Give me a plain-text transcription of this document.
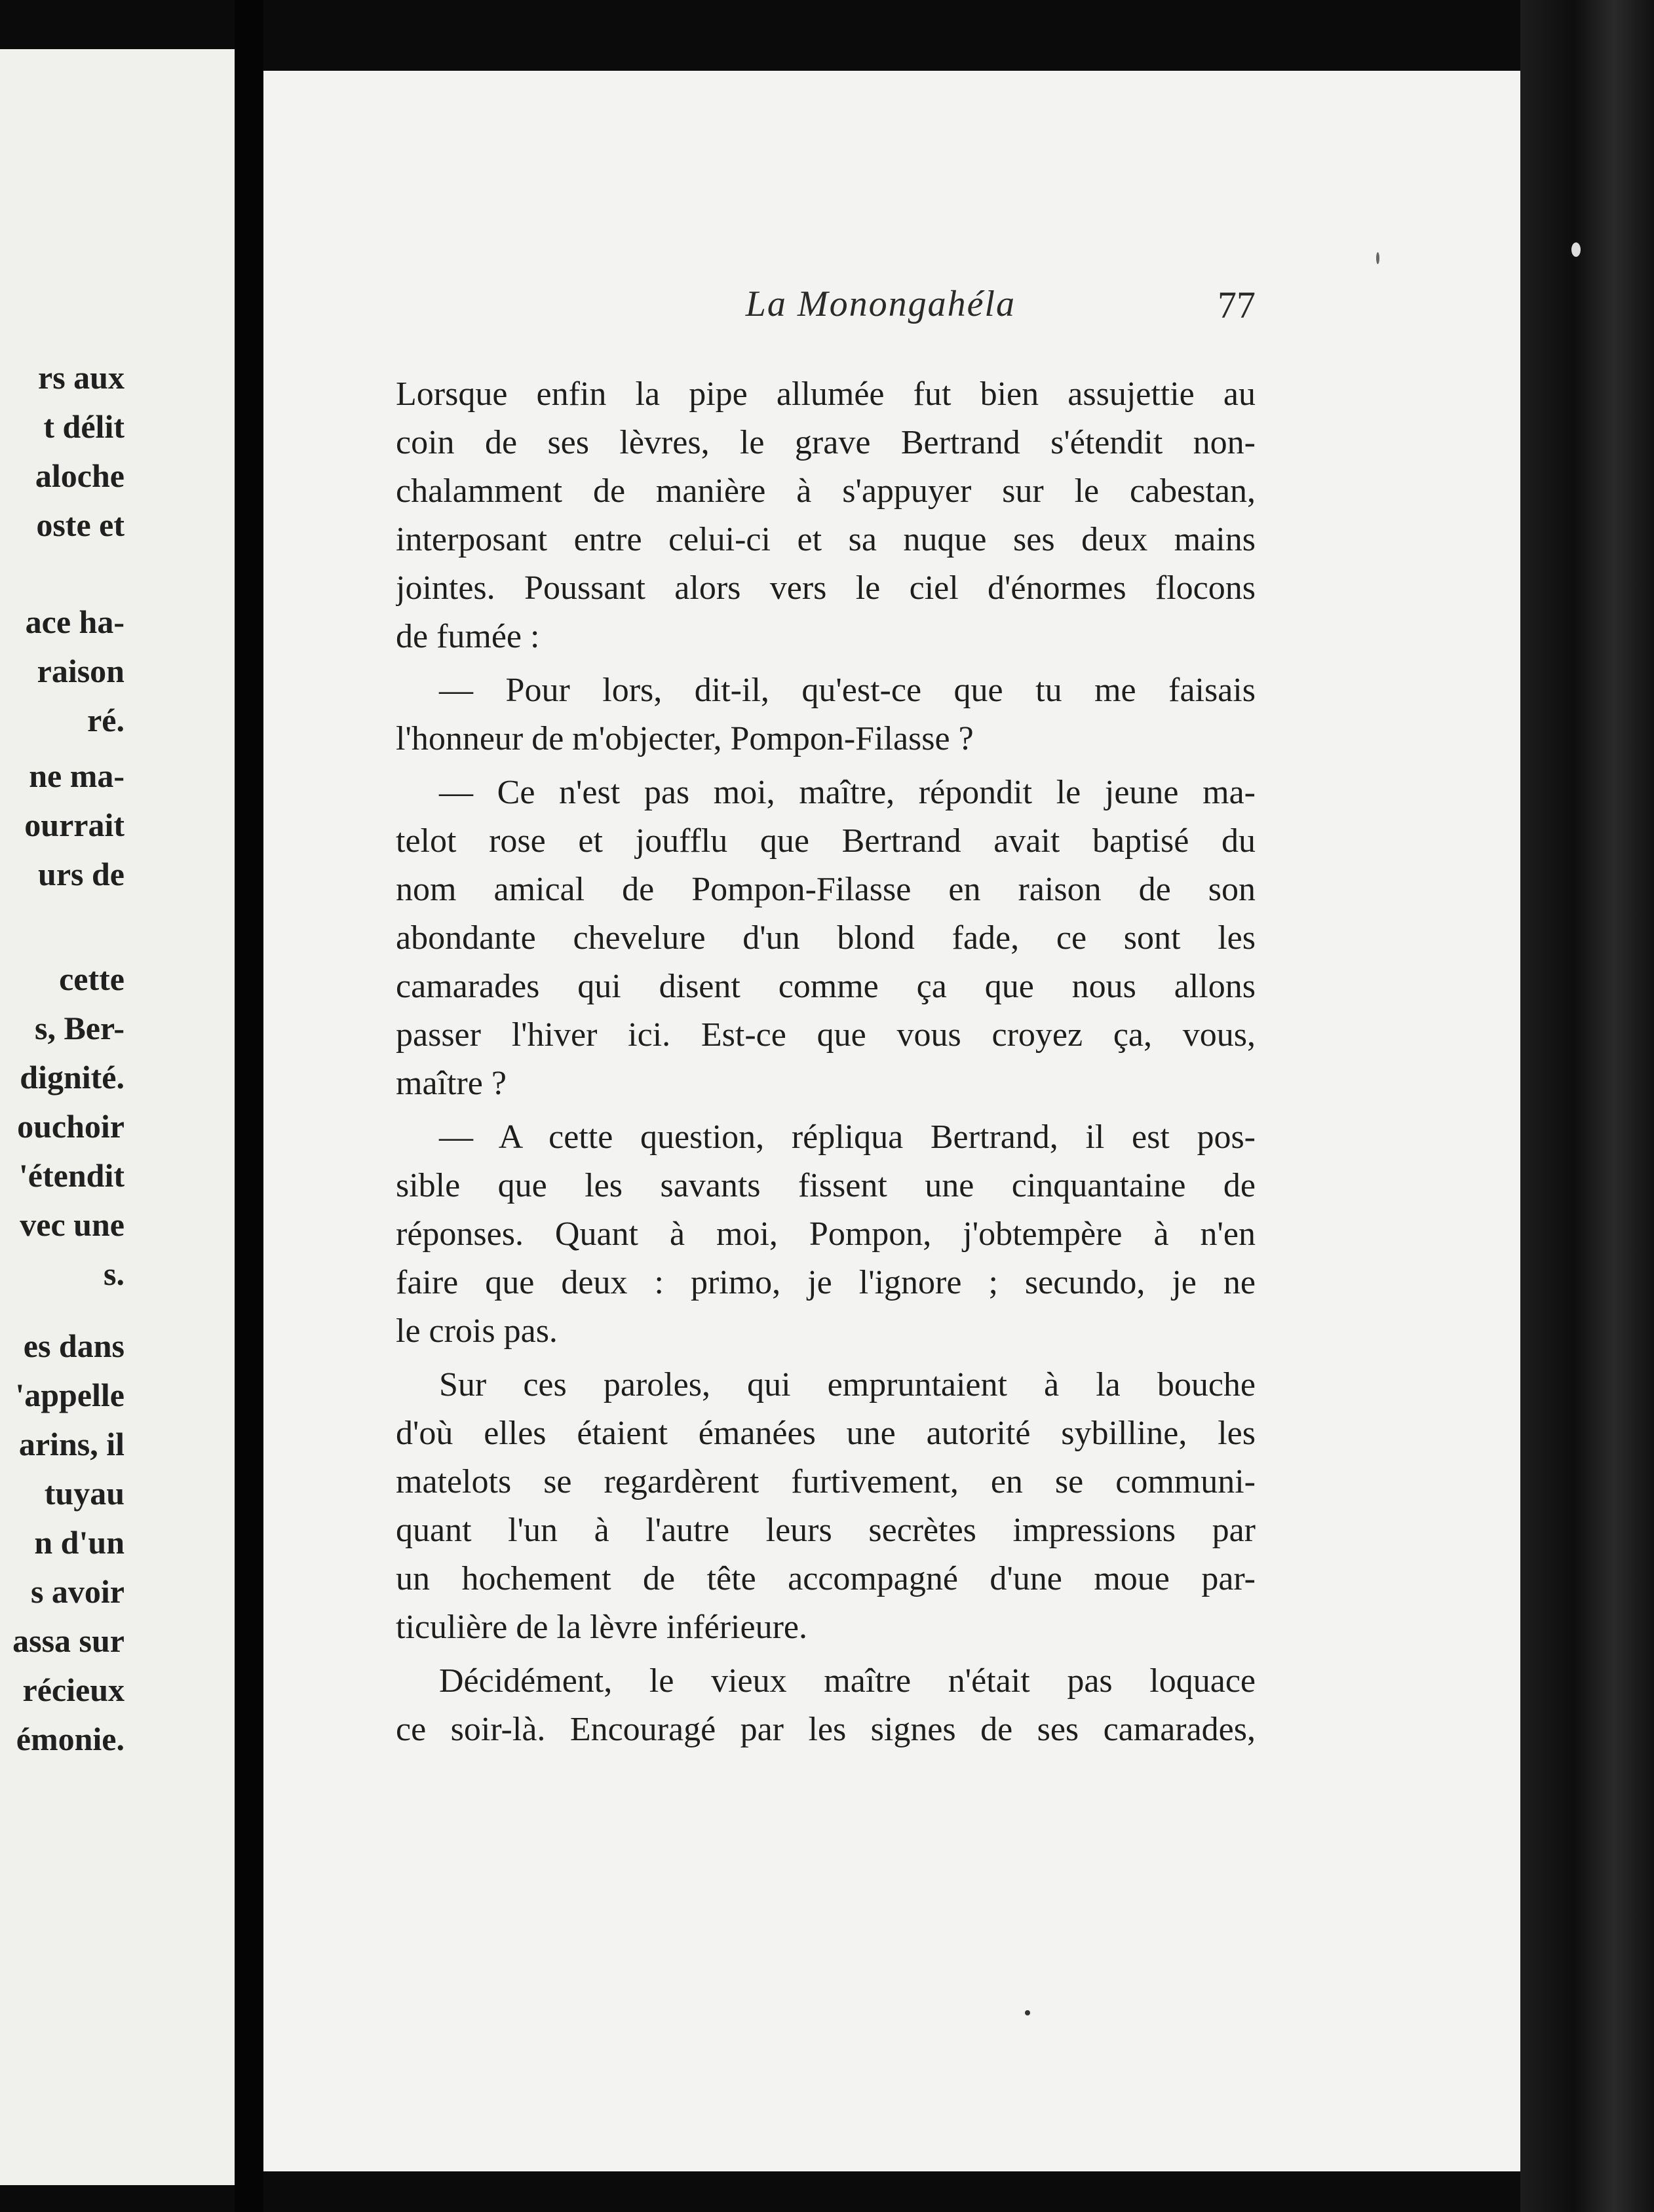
rs aux
t délit
aloche
oste et
ace ha-
raison
ré.
ne ma-
ourrait
urs de
cette
s, Ber-
dignité.
ouchoir
'étendit
vec une
s.
es dans
'appelle
arins, il
tuyau
n d'un
s avoir
assa sur
récieux
émonie.
La Monongahéla	77
Lorsque enfin la pipe allumée fut bien assujettie au
coin de ses lèvres, le grave Bertrand s'étendit non-
chalamment de manière à s'appuyer sur le cabestan,
interposant entre celui-ci et sa nuque ses deux mains
jointes. Poussant alors vers le ciel d'énormes flocons
de fumée :
— Pour lors, dit-il, qu'est-ce que tu me faisais
l'honneur de m'objecter, Pompon-Filasse ?
— Ce n'est pas moi, maître, répondit le jeune ma-
telot rose et joufflu que Bertrand avait baptisé du
nom amical de Pompon-Filasse en raison de son
abondante chevelure d'un blond fade, ce sont les
camarades qui disent comme ça que nous allons
passer l'hiver ici. Est-ce que vous croyez ça, vous,
maître ?
— A cette question, répliqua Bertrand, il est pos-
sible que les savants fissent une cinquantaine de
réponses. Quant à moi, Pompon, j'obtempère à n'en
faire que deux : primo, je l'ignore ; secundo, je ne
le crois pas.
Sur ces paroles, qui empruntaient à la bouche
d'où elles étaient émanées une autorité sybilline, les
matelots se regardèrent furtivement, en se communi-
quant l'un à l'autre leurs secrètes impressions par
un hochement de tête accompagné d'une moue par-
ticulière de la lèvre inférieure.
Décidément, le vieux maître n'était pas loquace
ce soir-là. Encouragé par les signes de ses camarades,
